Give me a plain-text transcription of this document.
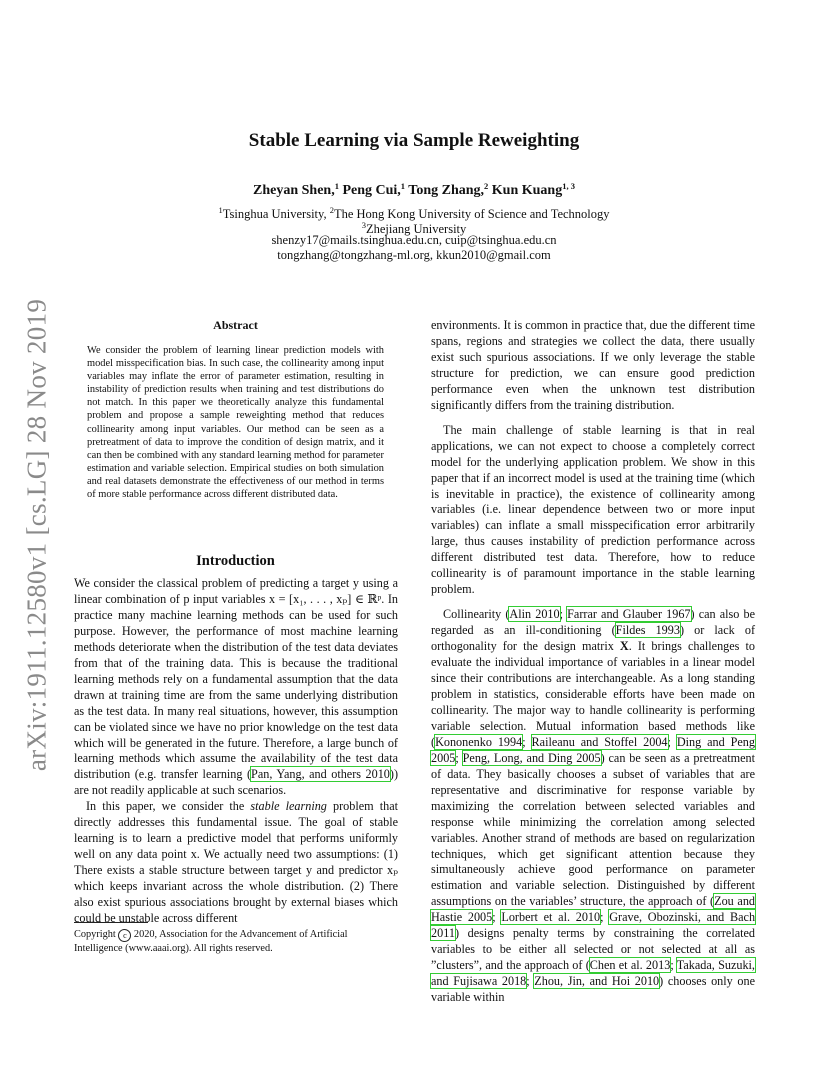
arXiv:1911.12580v1 [cs.LG] 28 Nov 2019
Stable Learning via Sample Reweighting
Zheyan Shen,$^1$ Peng Cui,$^1$ Tong Zhang,$^2$ Kun Kuang$^{1, 3}$
$^1$Tsinghua University, $^2$The Hong Kong University of Science and Technology
$^3$Zhejiang University
shenzy17@mails.tsinghua.edu.cn, cuip@tsinghua.edu.cn
tongzhang@tongzhang-ml.org, kkun2010@gmail.com
Abstract
We consider the problem of learning linear prediction models with model misspecification bias. In such case, the collinearity among input variables may inflate the error of parameter estimation, resulting in instability of prediction results when training and test distributions do not match. In this paper we theoretically analyze this fundamental problem and propose a sample reweighting method that reduces collinearity among input variables. Our method can be seen as a pretreatment of data to improve the condition of design matrix, and it can then be combined with any standard learning method for parameter estimation and variable selection. Empirical studies on both simulation and real datasets demonstrate the effectiveness of our method in terms of more stable performance across different distributed data.
Introduction

We consider the classical problem of predicting a target y using a linear combination of p input variables x = [x₁, . . . , xₚ] ∈ ℝᵖ. In practice many machine learning methods can be used for such purpose. However, the performance of most machine learning methods deteriorate when the distribution of the test data deviates from that of the training data. This is because the traditional learning methods rely on a fundamental assumption that the data drawn at training time are from the same underlying distribution as the test data. In many real situations, however, this assumption can be violated since we have no prior knowledge on the test data which will be generated in the future. Therefore, a large bunch of learning methods which assume the availability of the test data distribution (e.g. transfer learning (Pan, Yang, and others 2010)) are not readily applicable at such scenarios.

In this paper, we consider the stable learning problem that directly addresses this fundamental issue. The goal of stable learning is to learn a predictive model that performs uniformly well on any data point x. We actually need two assumptions: (1) There exists a stable structure between target y and predictor xₚ which keeps invariant across the whole distribution. (2) There also exist spurious associations brought by external biases which could be unstable across different

Copyright c 2020, Association for the Advancement of Artificial Intelligence (www.aaai.org). All rights reserved.

environments. It is common in practice that, due the different time spans, regions and strategies we collect the data, there usually exist such spurious associations. If we only leverage the stable structure for prediction, we can ensure good prediction performance even when the unknown test distribution significantly differs from the training distribution.

The main challenge of stable learning is that in real applications, we can not expect to choose a completely correct model for the underlying application problem. We show in this paper that if an incorrect model is used at the training time (which is inevitable in practice), the existence of collinearity among variables (i.e. linear dependence between two or more input variables) can inflate a small misspecification error arbitrarily large, thus causes instability of prediction performance across different distributed test data. Therefore, how to reduce collinearity is of paramount importance in the stable learning problem.

Collinearity (Alin 2010; Farrar and Glauber 1967) can also be regarded as an ill-conditioning (Fildes 1993) or lack of orthogonality for the design matrix X. It brings challenges to evaluate the individual importance of variables in a linear model since their contributions are interchangeable. As a long standing problem in statistics, considerable efforts have been made on collinearity. The major way to handle collinearity is performing variable selection. Mutual information based methods like (Kononenko 1994; Raileanu and Stoffel 2004; Ding and Peng 2005; Peng, Long, and Ding 2005) can be seen as a pretreatment of data. They basically chooses a subset of variables that are representative and discriminative for response variable by maximizing the correlation between selected variables and response while minimizing the correlation among selected variables. Another strand of methods are based on regularization techniques, which get significant attention because they simultaneously achieve good performance on parameter estimation and variable selection. Distinguished by different assumptions on the variables’ structure, the approach of (Zou and Hastie 2005; Lorbert et al. 2010; Grave, Obozinski, and Bach 2011) designs penalty terms by constraining the correlated variables to be either all selected or not selected at all as ”clusters”, and the approach of (Chen et al. 2013; Takada, Suzuki, and Fujisawa 2018; Zhou, Jin, and Hoi 2010) chooses only one variable within
